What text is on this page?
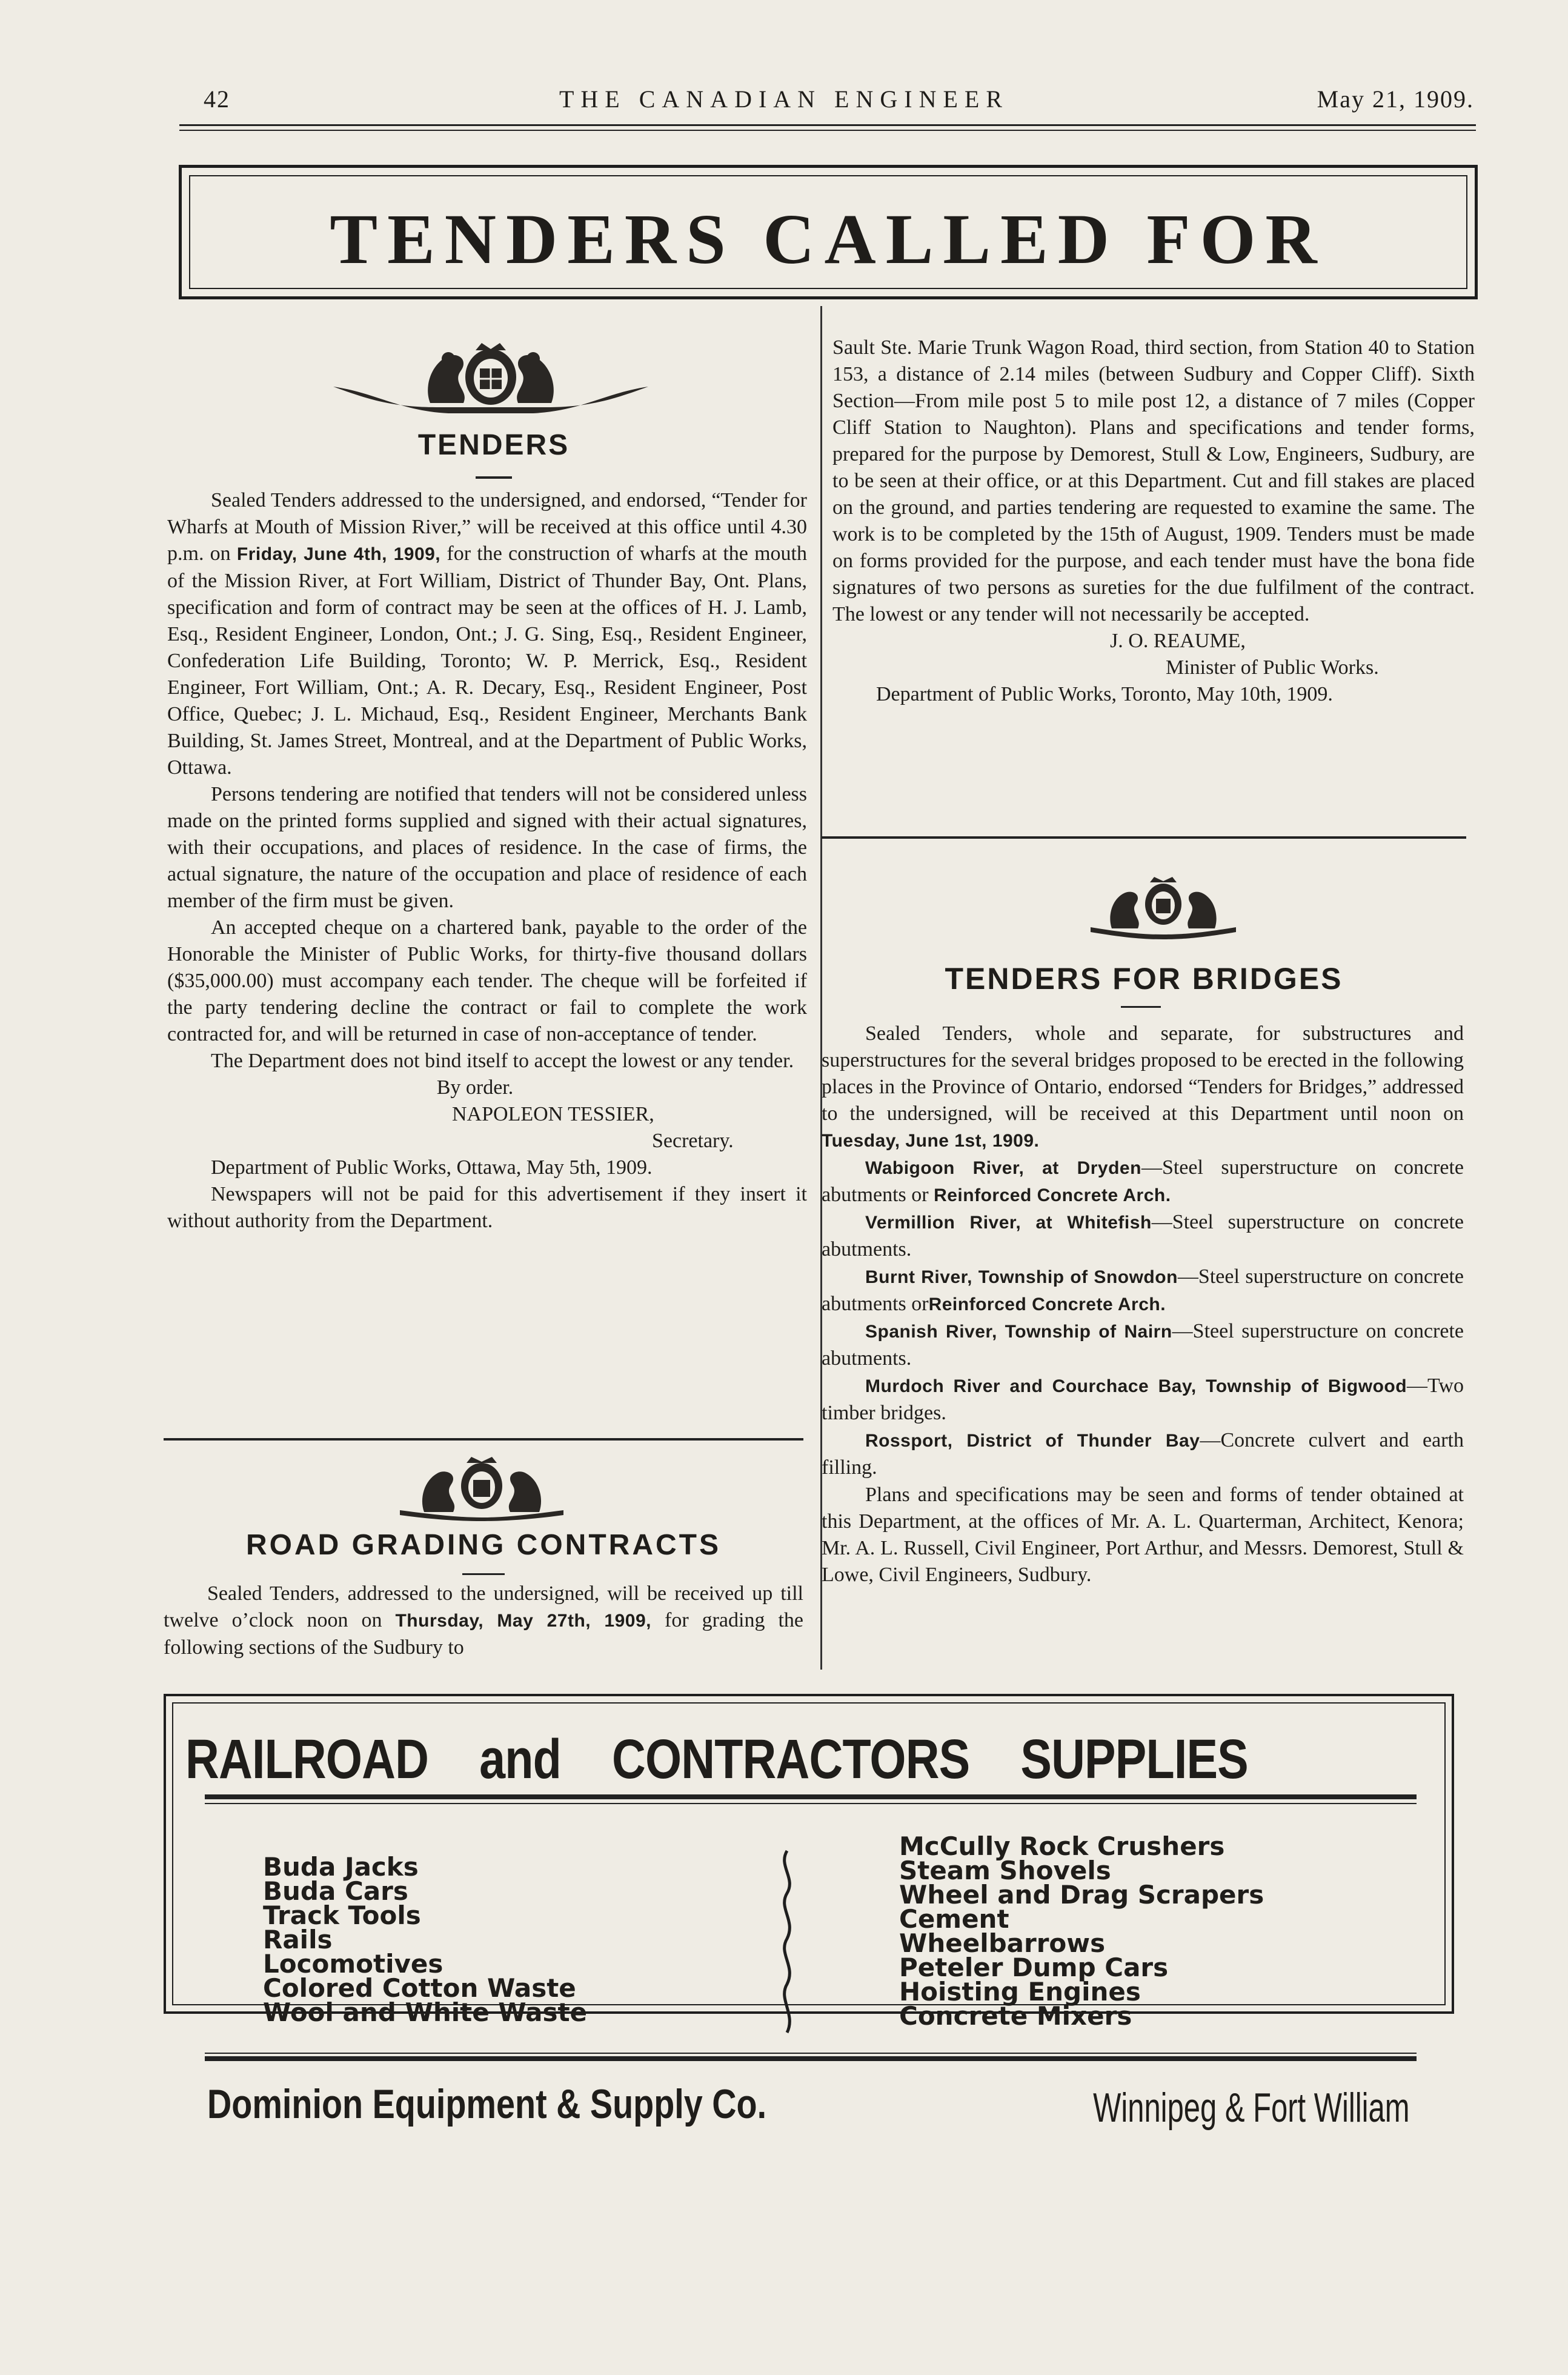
42	THE CANADIAN ENGINEER	May 21, 1909.
TENDERS CALLED FOR
TENDERS

Sealed Tenders addressed to the undersigned, and endorsed, “Tender for Wharfs at Mouth of Mission River,” will be received at this office until 4.30 p.m. on Friday, June 4th, 1909, for the construction of wharfs at the mouth of the Mission River, at Fort William, District of Thunder Bay, Ont. Plans, specification and form of contract may be seen at the offices of H. J. Lamb, Esq., Resident Engineer, London, Ont.; J. G. Sing, Esq., Resident Engineer, Confederation Life Building, Toronto; W. P. Merrick, Esq., Resident Engineer, Fort William, Ont.; A. R. Decary, Esq., Resident Engineer, Post Office, Quebec; J. L. Michaud, Esq., Resident Engineer, Merchants Bank Building, St. James Street, Montreal, and at the Department of Public Works, Ottawa.

Persons tendering are notified that tenders will not be considered unless made on the printed forms supplied and signed with their actual signatures, with their occupations, and places of residence. In the case of firms, the actual signature, the nature of the occupation and place of residence of each member of the firm must be given.

An accepted cheque on a chartered bank, payable to the order of the Honorable the Minister of Public Works, for thirty-five thousand dollars ($35,000.00) must accompany each tender. The cheque will be forfeited if the party tendering decline the contract or fail to complete the work contracted for, and will be returned in case of non-acceptance of tender.

The Department does not bind itself to accept the lowest or any tender.

By order.

NAPOLEON TESSIER,

Secretary.

Department of Public Works, Ottawa, May 5th, 1909.

Newspapers will not be paid for this advertisement if they insert it without authority from the Department.

ROAD GRADING CONTRACTS

Sealed Tenders, addressed to the undersigned, will be received up till twelve o’clock noon on Thursday, May 27th, 1909, for grading the following sections of the Sudbury to

Sault Ste. Marie Trunk Wagon Road, third section, from Station 40 to Station 153, a distance of 2.14 miles (between Sudbury and Copper Cliff). Sixth Section—From mile post 5 to mile post 12, a distance of 7 miles (Copper Cliff Station to Naughton). Plans and specifications and tender forms, prepared for the purpose by Demorest, Stull & Low, Engineers, Sudbury, are to be seen at their office, or at this Department. Cut and fill stakes are placed on the ground, and parties tendering are requested to examine the same. The work is to be completed by the 15th of August, 1909. Tenders must be made on forms provided for the purpose, and each tender must have the bona fide signatures of two persons as sureties for the due fulfilment of the contract. The lowest or any tender will not necessarily be accepted.

J. O. REAUME,

Minister of Public Works.

Department of Public Works, Toronto, May 10th, 1909.

TENDERS FOR BRIDGES

Sealed Tenders, whole and separate, for substructures and superstructures for the several bridges proposed to be erected in the following places in the Province of Ontario, endorsed “Tenders for Bridges,” addressed to the undersigned, will be received at this Department until noon on Tuesday, June 1st, 1909.

Wabigoon River, at Dryden—Steel superstructure on concrete abutments or Reinforced Concrete Arch.

Vermillion River, at Whitefish—Steel superstructure on concrete abutments.

Burnt River, Township of Snowdon—Steel superstructure on concrete abutments orReinforced Concrete Arch.

Spanish River, Township of Nairn—Steel superstructure on concrete abutments.

Murdoch River and Courchace Bay, Township of Bigwood—Two timber bridges.

Rossport, District of Thunder Bay—Concrete culvert and earth filling.

Plans and specifications may be seen and forms of tender obtained at this Department, at the offices of Mr. A. L. Quarterman, Architect, Kenora; Mr. A. L. Russell, Civil Engineer, Port Arthur, and Messrs. Demorest, Stull & Lowe, Civil Engineers, Sudbury.

RAILROAD and CONTRACTORS SUPPLIES
Buda Jacks
Buda Cars
Track Tools
Rails
Locomotives
Colored Cotton Waste
Wool and White Waste
McCully Rock Crushers
Steam Shovels
Wheel and Drag Scrapers
Cement
Wheelbarrows
Peteler Dump Cars
Hoisting Engines
Concrete Mixers
Dominion Equipment & Supply Co.	Winnipeg & Fort William
